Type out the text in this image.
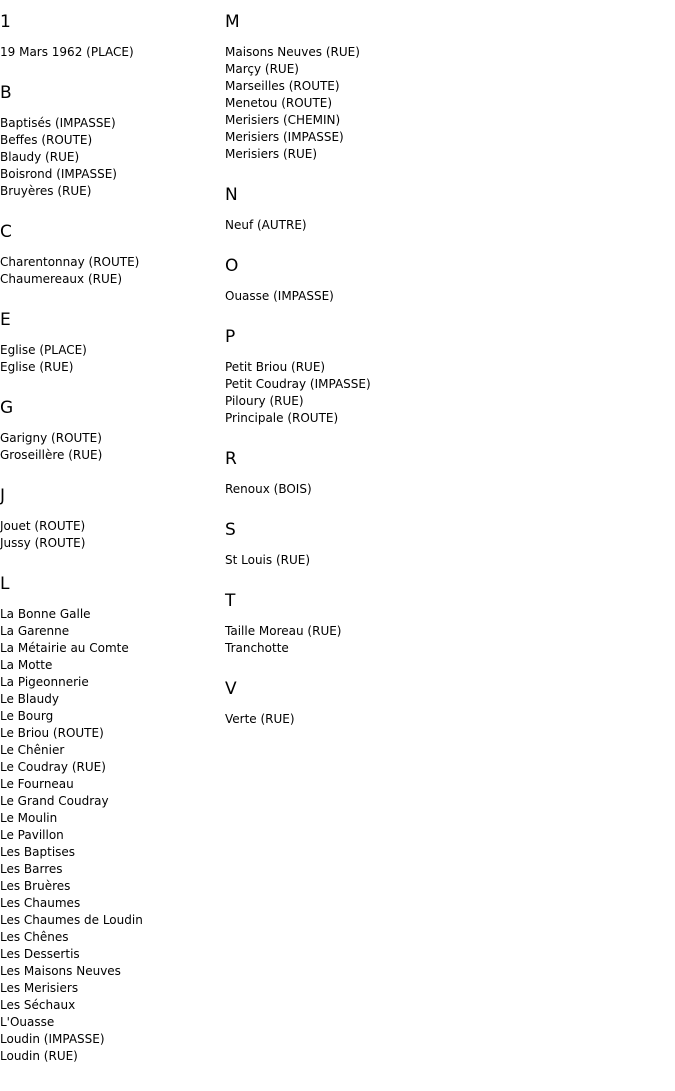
1
19 Mars 1962 (PLACE)
B
Baptisés (IMPASSE)
Beffes (ROUTE)
Blaudy (RUE)
Boisrond (IMPASSE)
Bruyères (RUE)
C
Charentonnay (ROUTE)
Chaumereaux (RUE)
E
Eglise (PLACE)
Eglise (RUE)
G
Garigny (ROUTE)
Groseillère (RUE)
J
Jouet (ROUTE)
Jussy (ROUTE)
L
La Bonne Galle
La Garenne
La Métairie au Comte
La Motte
La Pigeonnerie
Le Blaudy
Le Bourg
Le Briou (ROUTE)
Le Chênier
Le Coudray (RUE)
Le Fourneau
Le Grand Coudray
Le Moulin
Le Pavillon
Les Baptises
Les Barres
Les Bruères
Les Chaumes
Les Chaumes de Loudin
Les Chênes
Les Dessertis
Les Maisons Neuves
Les Merisiers
Les Séchaux
L'Ouasse
Loudin (IMPASSE)
Loudin (RUE)
M
Maisons Neuves (RUE)
Marçy (RUE)
Marseilles (ROUTE)
Menetou (ROUTE)
Merisiers (CHEMIN)
Merisiers (IMPASSE)
Merisiers (RUE)
N
Neuf (AUTRE)
O
Ouasse (IMPASSE)
P
Petit Briou (RUE)
Petit Coudray (IMPASSE)
Piloury (RUE)
Principale (ROUTE)
R
Renoux (BOIS)
S
St Louis (RUE)
T
Taille Moreau (RUE)
Tranchotte
V
Verte (RUE)
